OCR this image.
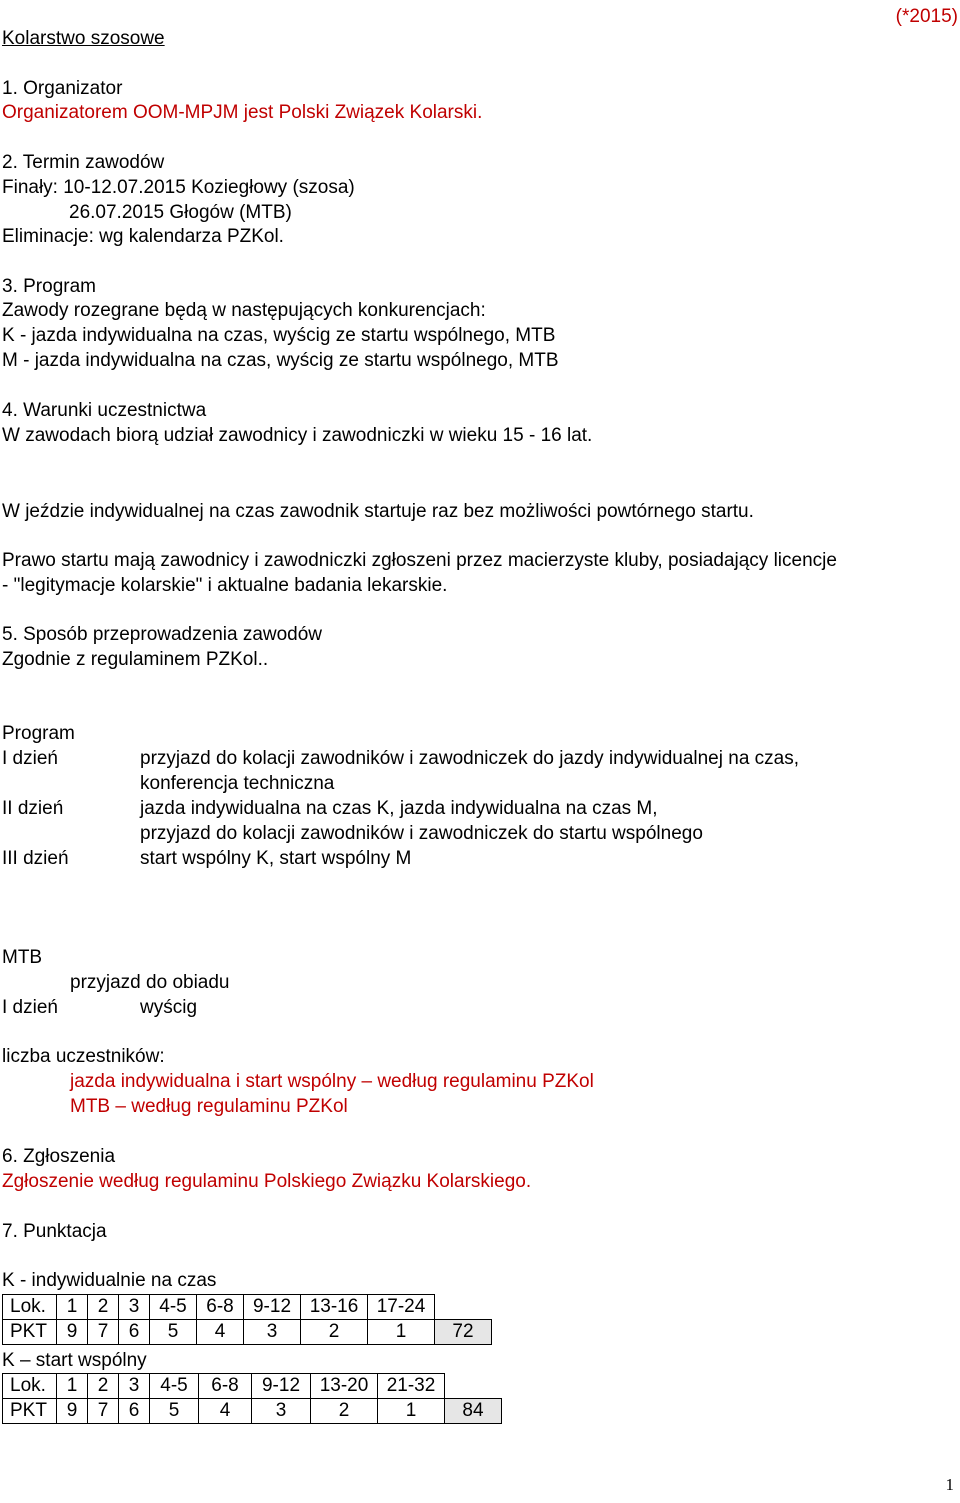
Kolarstwo szosowe
(*2015)
1. Organizator
Organizatorem OOM-MPJM jest Polski Związek Kolarski.
2. Termin zawodów
Finały: 10-12.07.2015 Koziegłowy (szosa)
26.07.2015 Głogów (MTB)
Eliminacje: wg kalendarza PZKol.
3. Program
Zawody rozegrane będą w następujących konkurencjach:
K - jazda indywidualna na czas, wyścig ze startu wspólnego, MTB
M - jazda indywidualna na czas, wyścig ze startu wspólnego, MTB
4. Warunki uczestnictwa
W zawodach biorą udział zawodnicy i zawodniczki w wieku 15 - 16 lat.
W jeździe indywidualnej na czas zawodnik startuje raz bez możliwości powtórnego startu.
Prawo startu mają zawodnicy i zawodniczki zgłoszeni przez macierzyste kluby, posiadający licencje
- "legitymacje kolarskie" i aktualne badania lekarskie.
5. Sposób przeprowadzenia zawodów
Zgodnie z regulaminem PZKol..
Program
I dzień	przyjazd do kolacji zawodników i zawodniczek do jazdy indywidualnej na czas,
konferencja techniczna
II dzień	jazda indywidualna na czas K, jazda indywidualna na czas M,
przyjazd do kolacji zawodników i zawodniczek do startu wspólnego
III dzień	start wspólny K, start wspólny M
MTB
przyjazd do obiadu
I dzień	wyścig
liczba uczestników:
jazda indywidualna i start wspólny – według regulaminu PZKol
MTB – według regulaminu PZKol
6. Zgłoszenia
Zgłoszenie według regulaminu Polskiego Związku Kolarskiego.
7. Punktacja
K - indywidualnie na czas
Lok.	1	2	3	4-5	6-8	9-12	13-16	17-24	
PKT	9	7	6	5	4	3	2	1	72
K – start wspólny
Lok.	1	2	3	4-5	6-8	9-12	13-20	21-32	
PKT	9	7	6	5	4	3	2	1	84
1
